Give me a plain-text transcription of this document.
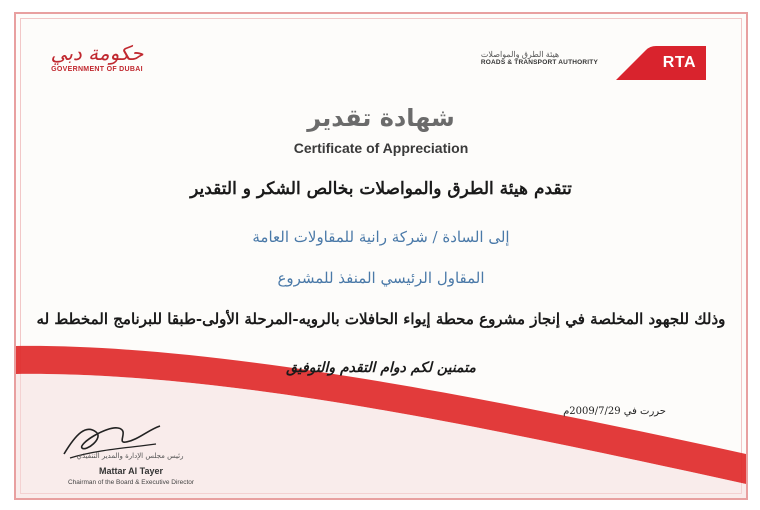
حكومة دبي
GOVERNMENT OF DUBAI
هيئة الطرق والمواصلات
ROADS & TRANSPORT AUTHORITY	RTA
شهادة تقدير
Certificate of Appreciation
تتقدم هيئة الطرق والمواصلات بخالص الشكر و التقدير
إلى السادة / شركة رانية للمقاولات العامة
المقاول الرئيسي المنفذ للمشروع
وذلك للجهود المخلصة في إنجاز مشروع محطة إيواء الحافلات بالرويه-المرحلة الأولى-طبقا للبرنامج المخطط له
متمنين لكم دوام التقدم والتوفيق
حررت في 2009/7/29م
رئيس مجلس الإدارة والمدير التنفيذي
Mattar Al Tayer
Chairman of the Board & Executive Director
